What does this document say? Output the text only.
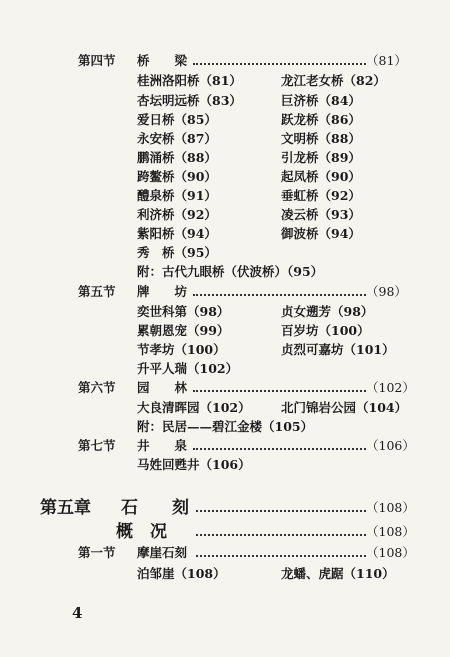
第四节 桥　　梁	（81）
桂洲洛阳桥（81）	龙江老女桥（82）
杏坛明远桥（83）	巨济桥（84）
爱日桥（85）	跃龙桥（86）
永安桥（87）	文明桥（88）
鹏涌桥（88）	引龙桥（89）
跨鳌桥（90）	起凤桥（90）
醴泉桥（91）	垂虹桥（92）
利济桥（92）	凌云桥（93）
紫阳桥（94）	御波桥（94）
秀　桥（95）
附：古代九眼桥（伏波桥）（95）
第五节 牌　　坊	（98）
奕世科第（98）	贞女遡芳（98）
累朝恩宠（99）	百岁坊（100）
节孝坊（100）	贞烈可嘉坊（101）
升平人瑞（102）
第六节 园　　林	（102）
大良清晖园（102） 北门锦岩公园（104）
附：民居——碧江金楼（105）
第七节 井　　泉	（106）
马姓回甦井（106）
第五章 石　　刻	（108）
概　况	（108）
第一节 摩崖石刻	（108）
泊邹崖（108）	龙蟠、虎踞（110）
4
